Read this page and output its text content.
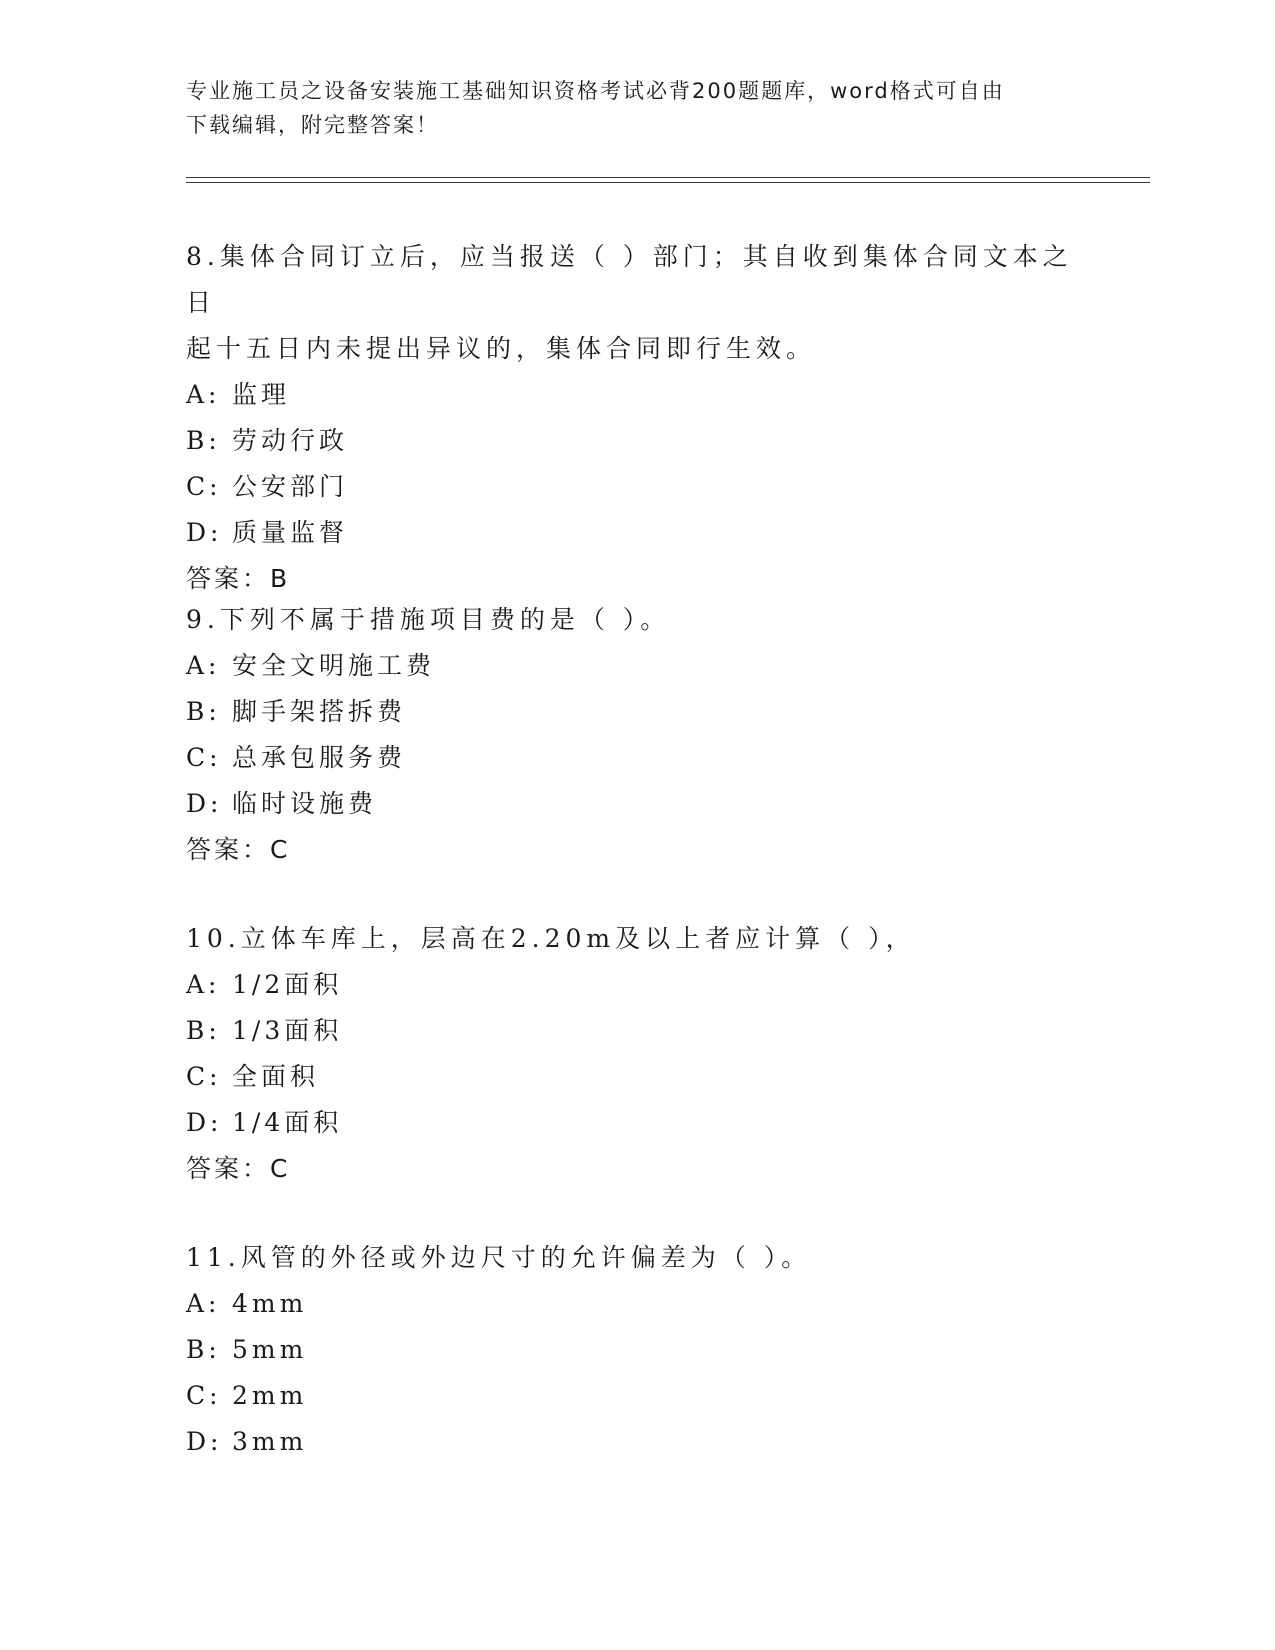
专业施工员之设备安装施工基础知识资格考试必背200题题库，word格式可自由
下载编辑，附完整答案！

8.集体合同订立后，应当报送（ ）部门；其自收到集体合同文本之日

起十五日内未提出异议的，集体合同即行生效。

A: 监理

B: 劳动行政

C: 公安部门

D: 质量监督

答案：B

9.下列不属于措施项目费的是（ ）。

A: 安全文明施工费

B: 脚手架搭拆费

C: 总承包服务费

D: 临时设施费

答案：C

10.立体车库上，层高在2.20m及以上者应计算（ ），

A: 1/2面积

B: 1/3面积

C: 全面积

D: 1/4面积

答案：C

11.风管的外径或外边尺寸的允许偏差为（ ）。

A: 4mm

B: 5mm

C: 2mm

D: 3mm
